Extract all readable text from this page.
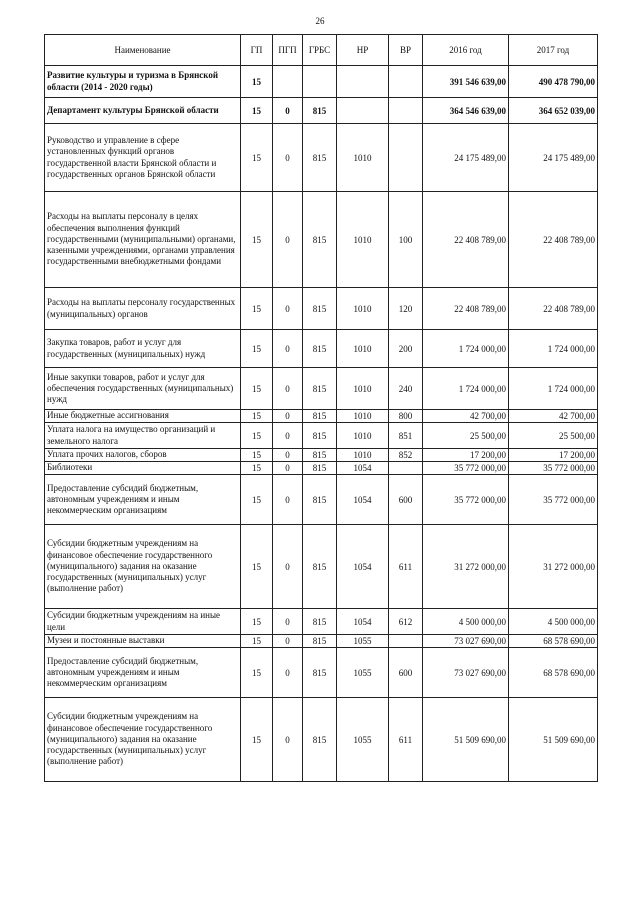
26
Наименование	ГП	ПГП	ГРБС	НР	ВР	2016 год	2017 год
Развитие культуры и туризма в Брянской области (2014 - 2020 годы)	15					391 546 639,00	490 478 790,00
Департамент культуры Брянской области	15	0	815			364 546 639,00	364 652 039,00
Руководство и управление в сфере установленных функций органов государственной власти Брянской области и государственных органов Брянской области	15	0	815	1010		24 175 489,00	24 175 489,00
Расходы на выплаты персоналу в целях обеспечения выполнения функций государственными (муниципальными) органами, казенными учреждениями, органами управления государственными внебюджетными фондами	15	0	815	1010	100	22 408 789,00	22 408 789,00
Расходы на выплаты персоналу государственных (муниципальных) органов	15	0	815	1010	120	22 408 789,00	22 408 789,00
Закупка товаров, работ и услуг для государственных (муниципальных) нужд	15	0	815	1010	200	1 724 000,00	1 724 000,00
Иные закупки товаров, работ и услуг для обеспечения государственных (муниципальных) нужд	15	0	815	1010	240	1 724 000,00	1 724 000,00
Иные бюджетные ассигнования	15	0	815	1010	800	42 700,00	42 700,00
Уплата налога на имущество организаций и земельного налога	15	0	815	1010	851	25 500,00	25 500,00
Уплата прочих налогов, сборов	15	0	815	1010	852	17 200,00	17 200,00
Библиотеки	15	0	815	1054		35 772 000,00	35 772 000,00
Предоставление субсидий бюджетным, автономным учреждениям и иным некоммерческим организациям	15	0	815	1054	600	35 772 000,00	35 772 000,00
Субсидии бюджетным учреждениям на финансовое обеспечение государственного (муниципального) задания на оказание государственных (муниципальных) услуг (выполнение работ)	15	0	815	1054	611	31 272 000,00	31 272 000,00
Субсидии бюджетным учреждениям на иные цели	15	0	815	1054	612	4 500 000,00	4 500 000,00
Музеи и постоянные выставки	15	0	815	1055		73 027 690,00	68 578 690,00
Предоставление субсидий бюджетным, автономным учреждениям и иным некоммерческим организациям	15	0	815	1055	600	73 027 690,00	68 578 690,00
Субсидии бюджетным учреждениям на финансовое обеспечение государственного (муниципального) задания на оказание государственных (муниципальных) услуг (выполнение работ)	15	0	815	1055	611	51 509 690,00	51 509 690,00
